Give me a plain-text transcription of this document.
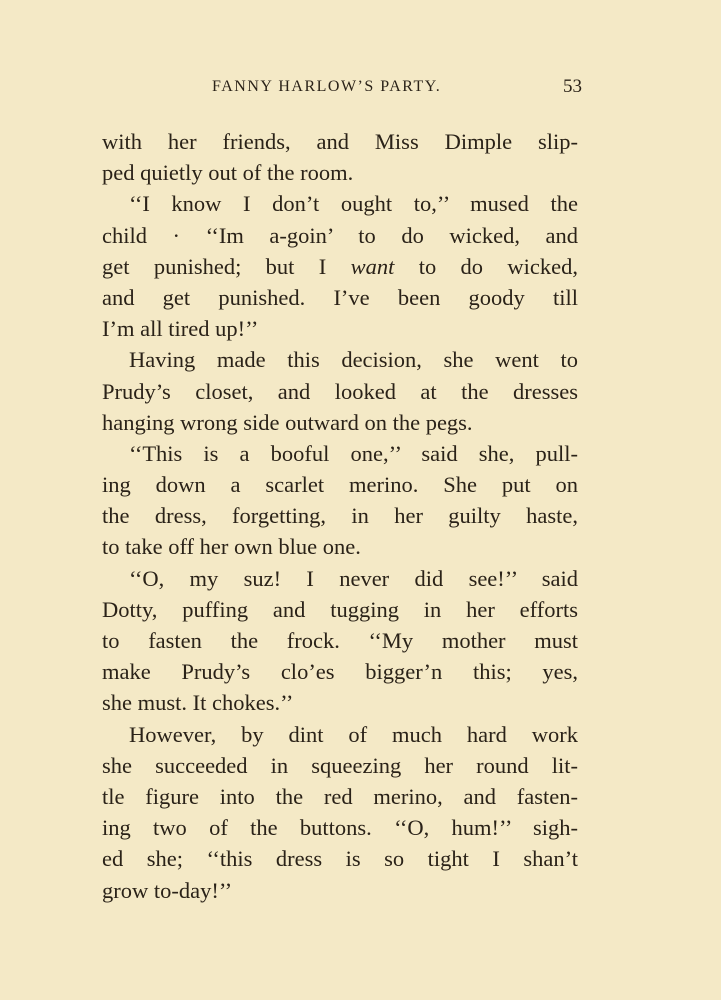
FANNY HARLOW’S PARTY.	53
with her friends, and Miss Dimple slip-
ped quietly out of the room.
‘‘I know I don’t ought to,’’ mused the
child · ‘‘Im a-goin’ to do wicked, and
get punished; but I want to do wicked,
and get punished. I’ve been goody till
I’m all tired up!’’
Having made this decision, she went to
Prudy’s closet, and looked at the dresses
hanging wrong side outward on the pegs.
‘‘This is a booful one,’’ said she, pull-
ing down a scarlet merino. She put on
the dress, forgetting, in her guilty haste,
to take off her own blue one.
‘‘O, my suz! I never did see!’’ said
Dotty, puffing and tugging in her efforts
to fasten the frock. ‘‘My mother must
make Prudy’s clo’es bigger’n this; yes,
she must. It chokes.’’
However, by dint of much hard work
she succeeded in squeezing her round lit-
tle figure into the red merino, and fasten-
ing two of the buttons. ‘‘O, hum!’’ sigh-
ed she; ‘‘this dress is so tight I shan’t
grow to-day!’’
